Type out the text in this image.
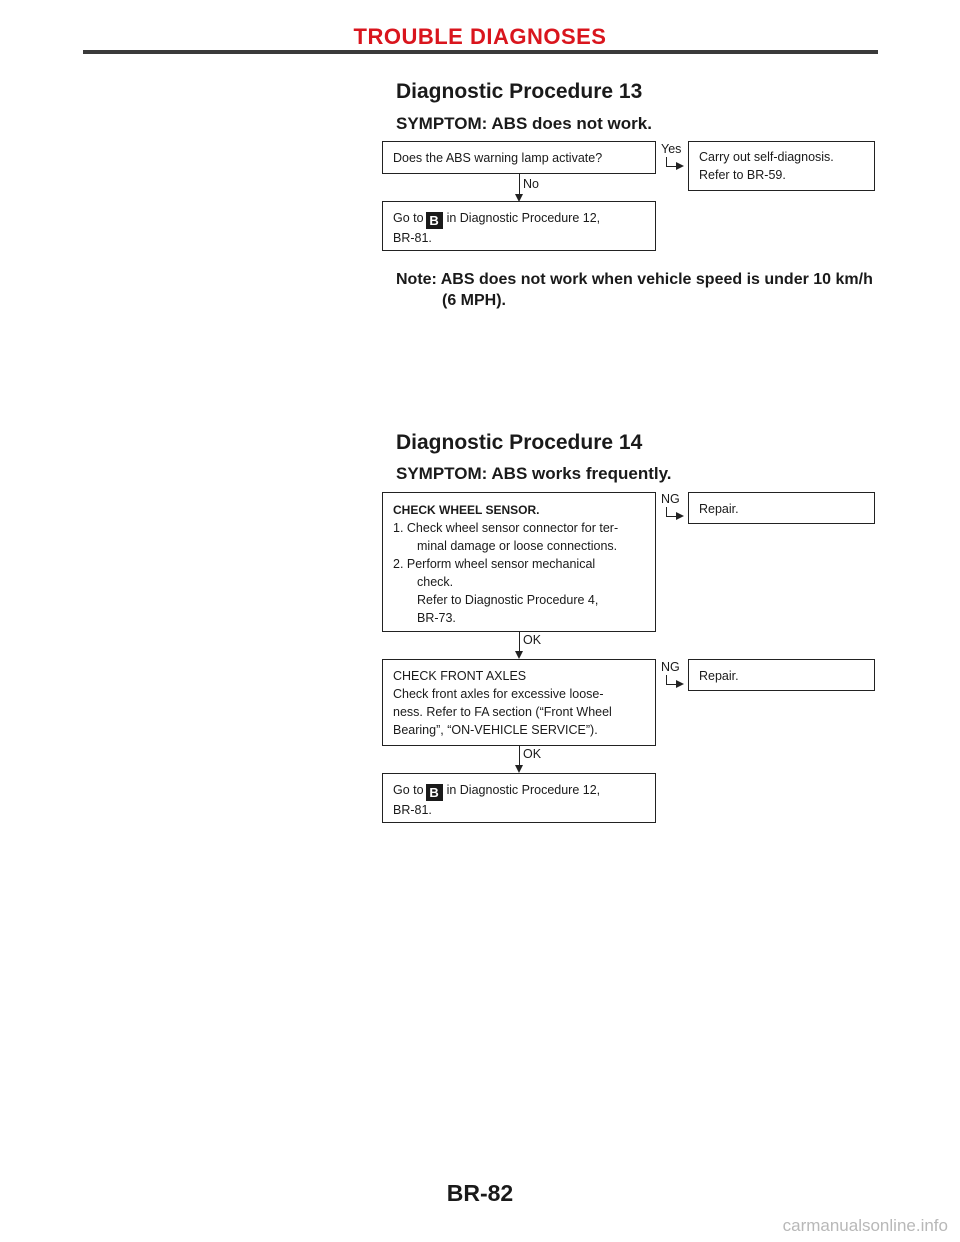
TROUBLE DIAGNOSES
Diagnostic Procedure 13
SYMPTOM: ABS does not work.
Does the ABS warning lamp activate?
Yes
Carry out self-diagnosis.
Refer to BR-59.
No
Go to B in Diagnostic Procedure 12,
BR-81.
Note: ABS does not work when vehicle speed is under 10 km/h
(6 MPH).
Diagnostic Procedure 14
SYMPTOM: ABS works frequently.
CHECK WHEEL SENSOR.
1. Check wheel sensor connector for ter-
minal damage or loose connections.
2. Perform wheel sensor mechanical
check.
Refer to Diagnostic Procedure 4,
BR-73.
NG
Repair.
OK
CHECK FRONT AXLES
Check front axles for excessive loose-
ness. Refer to FA section (“Front Wheel
Bearing”, “ON-VEHICLE SERVICE”).
NG
Repair.
OK
Go to B in Diagnostic Procedure 12,
BR-81.
BR-82
carmanualsonline.info
